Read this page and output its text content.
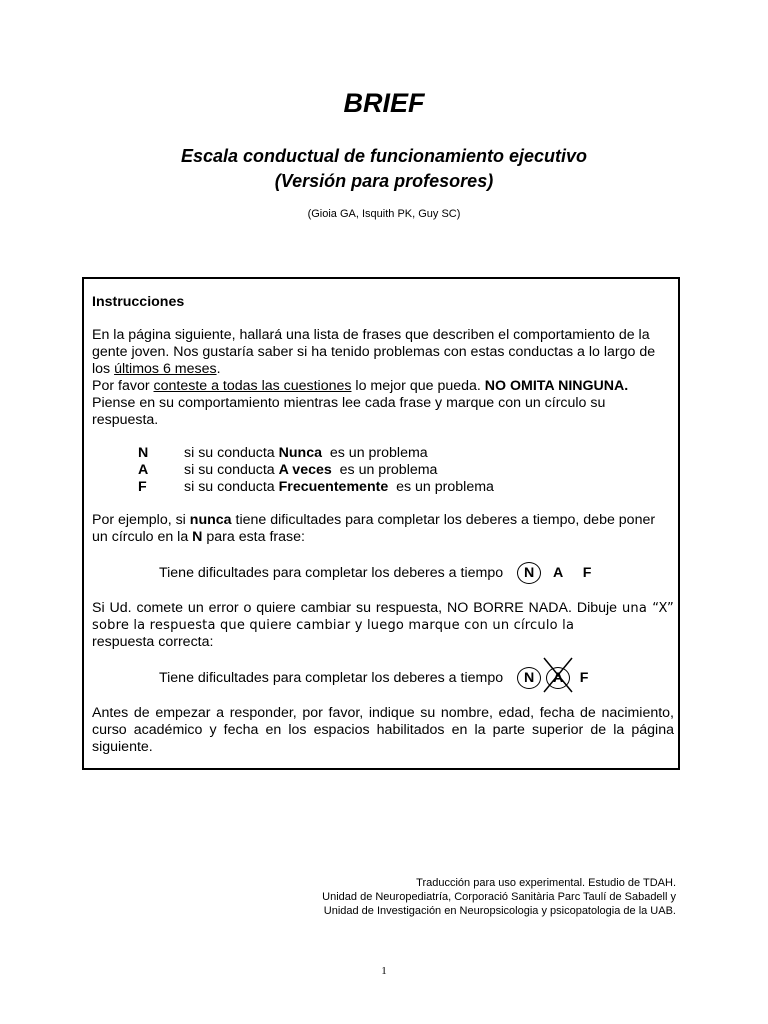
BRIEF
Escala conductual de funcionamiento ejecutivo
(Versión para profesores)
(Gioia GA, Isquith PK, Guy SC)

Instrucciones

En la página siguiente, hallará una lista de frases que describen el comportamiento de la gente joven. Nos gustaría saber si ha tenido problemas con estas conductas a lo largo de los últimos 6 meses.

Por favor conteste a todas las cuestiones lo mejor que pueda. NO OMITA NINGUNA.

Piense en su comportamiento mientras lee cada frase y marque con un círculo su respuesta.

N	si su conducta Nunca  es un problema
A	si su conducta A veces  es un problema
F	si su conducta Frecuentemente  es un problema

Por ejemplo, si nunca tiene dificultades para completar los deberes a tiempo, debe poner un círculo en la N para esta frase:

Tiene dificultades para completar los deberes a tiempo	N	A	F

Si Ud. comete un error o quiere cambiar su respuesta, NO BORRE NADA. Dibuje una “X” sobre la respuesta que quiere cambiar y luego marque con un círculo la
respuesta correcta:

Tiene dificultades para completar los deberes a tiempo	N	A	F

Antes de empezar a responder, por favor, indique su nombre, edad, fecha de nacimiento, curso académico y fecha en los espacios habilitados en la parte superior de la página siguiente.

Traducción para uso experimental. Estudio de TDAH.
Unidad de Neuropediatría, Corporació Sanitària Parc Taulí de Sabadell y
Unidad de Investigación en Neuropsicologia y psicopatologia de la UAB.
1
